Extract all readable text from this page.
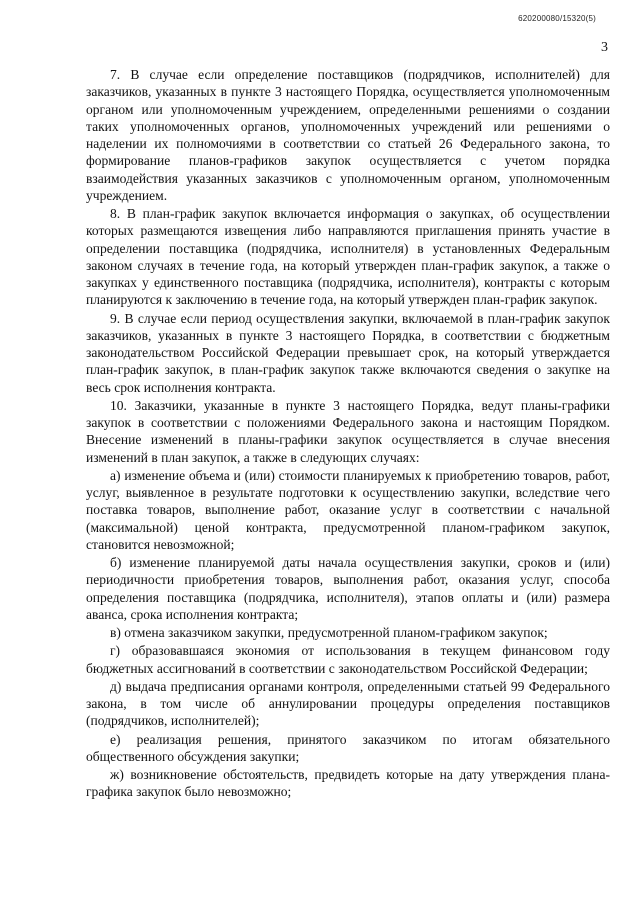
620200080/15320(5)
3

7. В случае если определение поставщиков (подрядчиков, исполнителей) для заказчиков, указанных в пункте 3 настоящего Порядка, осуществляется уполномоченным органом или уполномоченным учреждением, определенными решениями о создании таких уполномоченных органов, уполномоченных учреждений или решениями о наделении их полномочиями в соответствии со статьей 26 Федерального закона, то формирование планов-графиков закупок осуществляется с учетом порядка взаимодействия указанных заказчиков с уполномоченным органом, уполномоченным учреждением.

8. В план-график закупок включается информация о закупках, об осуществлении которых размещаются извещения либо направляются приглашения принять участие в определении поставщика (подрядчика, исполнителя) в установленных Федеральным законом случаях в течение года, на который утвержден план-график закупок, а также о закупках у единственного поставщика (подрядчика, исполнителя), контракты с которым планируются к заключению в течение года, на который утвержден план-график закупок.

9. В случае если период осуществления закупки, включаемой в план-график закупок заказчиков, указанных в пункте 3 настоящего Порядка, в соответствии с бюджетным законодательством Российской Федерации превышает срок, на который утверждается план-график закупок, в план-график закупок также включаются сведения о закупке на весь срок исполнения контракта.

10. Заказчики, указанные в пункте 3 настоящего Порядка, ведут планы-графики закупок в соответствии с положениями Федерального закона и настоящим Порядком. Внесение изменений в планы-графики закупок осуществляется в случае внесения изменений в план закупок, а также в следующих случаях:

а) изменение объема и (или) стоимости планируемых к приобретению товаров, работ, услуг, выявленное в результате подготовки к осуществлению закупки, вследствие чего поставка товаров, выполнение работ, оказание услуг в соответствии с начальной (максимальной) ценой контракта, предусмотренной планом-графиком закупок, становится невозможной;

б) изменение планируемой даты начала осуществления закупки, сроков и (или) периодичности приобретения товаров, выполнения работ, оказания услуг, способа определения поставщика (подрядчика, исполнителя), этапов оплаты и (или) размера аванса, срока исполнения контракта;

в) отмена заказчиком закупки, предусмотренной планом-графиком закупок;

г) образовавшаяся экономия от использования в текущем финансовом году бюджетных ассигнований в соответствии с законодательством Российской Федерации;

д) выдача предписания органами контроля, определенными статьей 99 Федерального закона, в том числе об аннулировании процедуры определения поставщиков (подрядчиков, исполнителей);

е) реализация решения, принятого заказчиком по итогам обязательного общественного обсуждения закупки;

ж) возникновение обстоятельств, предвидеть которые на дату утверждения плана-графика закупок было невозможно;
